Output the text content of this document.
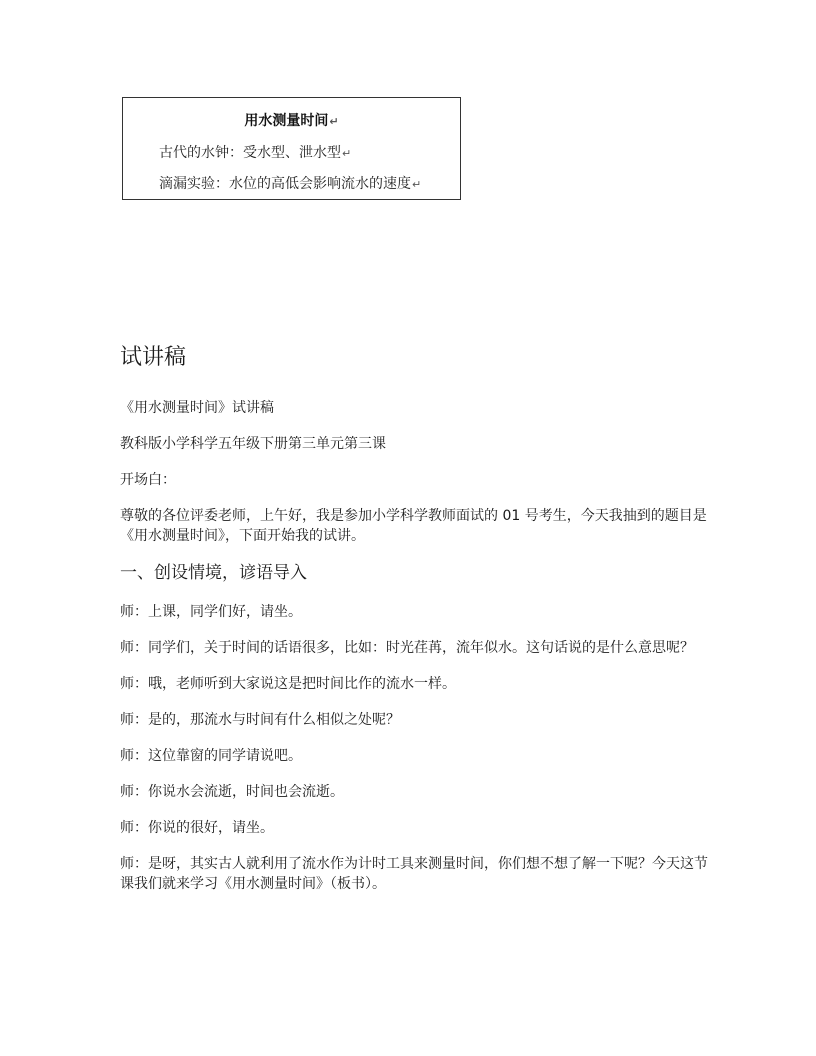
用水测量时间↵
古代的水钟：受水型、泄水型↵
滴漏实验：水位的高低会影响流水的速度↵
试讲稿
《用水测量时间》试讲稿
教科版小学科学五年级下册第三单元第三课
开场白：
尊敬的各位评委老师，上午好，我是参加小学科学教师面试的 01 号考生，今天我抽到的题目是《用水测量时间》，下面开始我的试讲。
一、创设情境，谚语导入
师：上课，同学们好，请坐。
师：同学们，关于时间的话语很多，比如：时光荏苒，流年似水。这句话说的是什么意思呢？
师：哦，老师听到大家说这是把时间比作的流水一样。
师：是的，那流水与时间有什么相似之处呢？
师：这位靠窗的同学请说吧。
师：你说水会流逝，时间也会流逝。
师：你说的很好，请坐。
师：是呀，其实古人就利用了流水作为计时工具来测量时间，你们想不想了解一下呢？今天这节课我们就来学习《用水测量时间》（板书）。
